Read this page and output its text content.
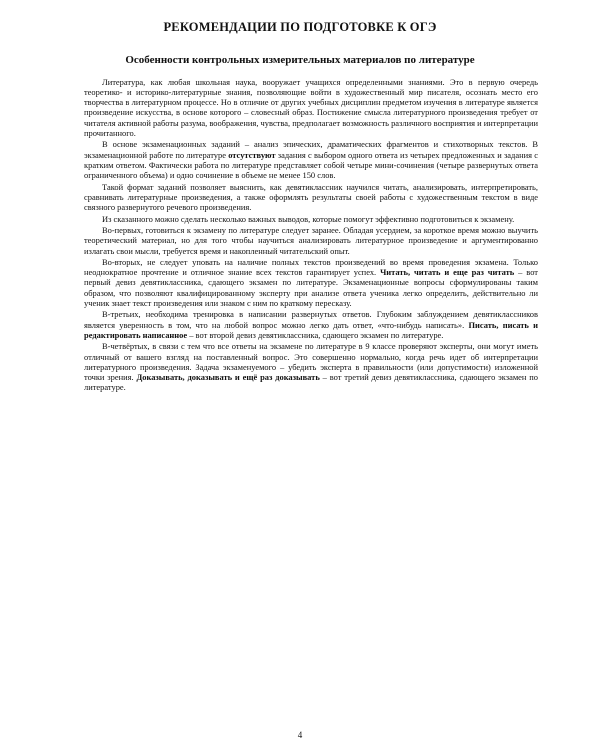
РЕКОМЕНДАЦИИ ПО ПОДГОТОВКЕ К ОГЭ
Особенности контрольных измерительных материалов по литературе

Литература, как любая школьная наука, вооружает учащихся определенными знаниями. Это в первую очередь теоретико- и историко-литературные знания, позволяющие войти в художественный мир писателя, осознать место его творчества в литературном процессе. Но в отличие от других учебных дисциплин предметом изучения в литературе является произведение искусства, в основе которого – словесный образ. Постижение смысла литературного произведения требует от читателя активной работы разума, воображения, чувства, предполагает возможность различного восприятия и интерпретации прочитанного.

В основе экзаменационных заданий – анализ эпических, драматических фрагментов и стихотворных текстов. В экзаменационной работе по литературе отсутствуют задания с выбором одного ответа из четырех предложенных и задания с кратким ответом. Фактически работа по литературе представляет собой четыре мини-сочинения (четыре развернутых ответа ограниченного объема) и одно сочинение в объеме не менее 150 слов.

Такой формат заданий позволяет выяснить, как девятиклассник научился читать, анализировать, интерпретировать, сравнивать литературные произведения, а также оформлять результаты своей работы с художественным текстом в виде связного развернутого речевого произведения.

Из сказанного можно сделать несколько важных выводов, которые помогут эффективно подготовиться к экзамену.

Во-первых, готовиться к экзамену по литературе следует заранее. Обладая усердием, за короткое время можно выучить теоретический материал, но для того чтобы научиться анализировать литературное произведение и аргументированно излагать свои мысли, требуется время и накопленный читательский опыт.

Во-вторых, не следует уповать на наличие полных текстов произведений во время проведения экзамена. Только неоднократное прочтение и отличное знание всех текстов гарантирует успех. Читать, читать и еще раз читать – вот первый девиз девятиклассника, сдающего экзамен по литературе. Экзаменационные вопросы сформулированы таким образом, что позволяют квалифицированному эксперту при анализе ответа ученика легко определить, действительно ли ученик знает текст произведения или знаком с ним по краткому пересказу.

В-третьих, необходима тренировка в написании развернутых ответов. Глубоким заблуждением девятиклассников является уверенность в том, что на любой вопрос можно легко дать ответ, «что-нибудь написать». Писать, писать и редактировать написанное – вот второй девиз девятиклассника, сдающего экзамен по литературе.

В-четвёртых, в связи с тем что все ответы на экзамене по литературе в 9 классе проверяют эксперты, они могут иметь отличный от вашего взгляд на поставленный вопрос. Это совершенно нормально, когда речь идет об интерпретации литературного произведения. Задача экзаменуемого – убедить эксперта в правильности (или допустимости) изложенной точки зрения. Доказывать, доказывать и ещё раз доказывать – вот третий девиз девятиклассника, сдающего экзамен по литературе.

4
